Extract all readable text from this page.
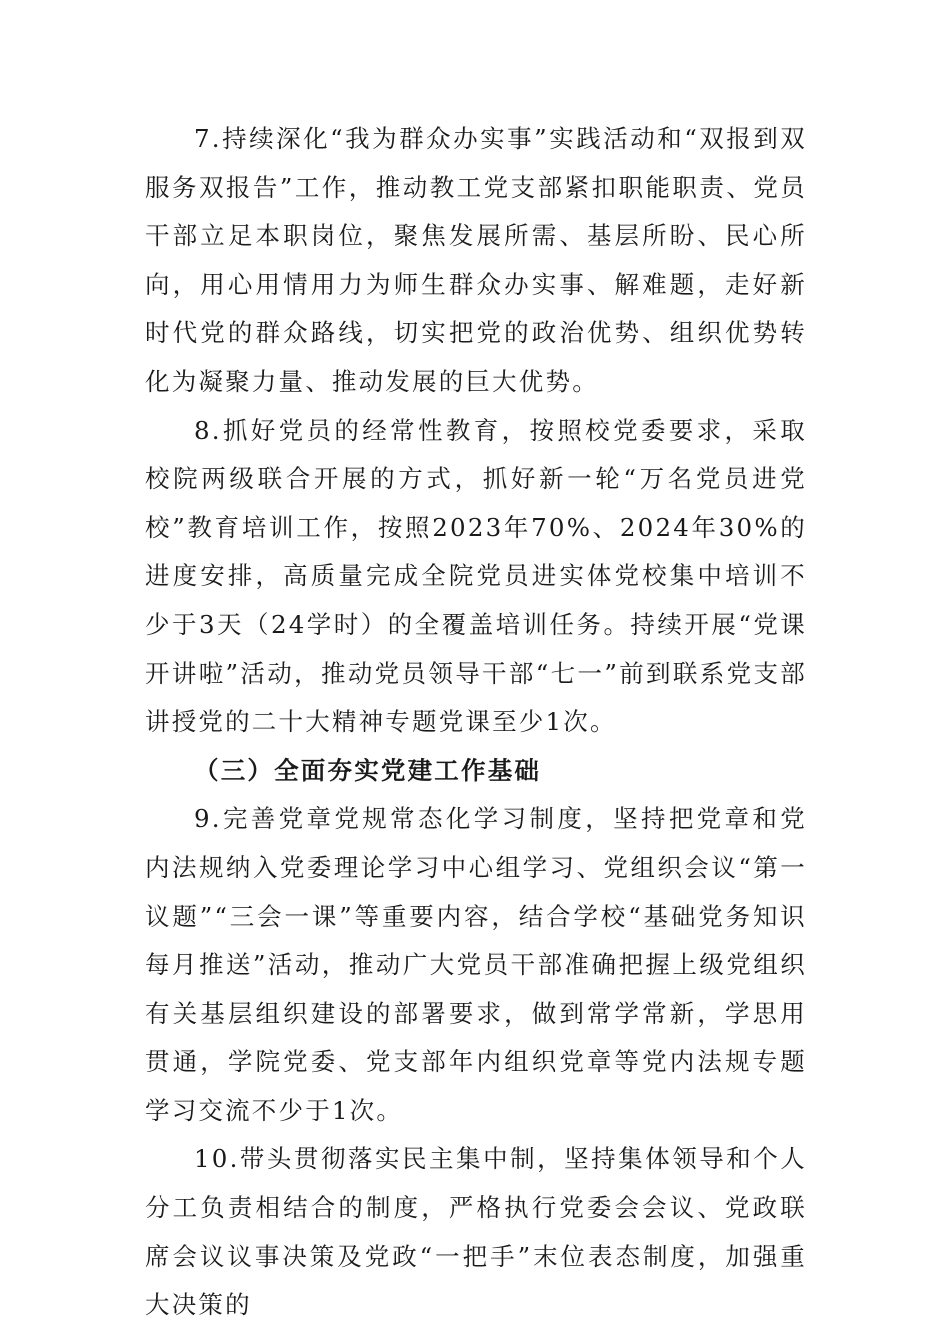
7.持续深化“我为群众办实事”实践活动和“双报到双服务双报告”工作，推动教工党支部紧扣职能职责、党员干部立足本职岗位，聚焦发展所需、基层所盼、民心所向，用心用情用力为师生群众办实事、解难题，走好新时代党的群众路线，切实把党的政治优势、组织优势转化为凝聚力量、推动发展的巨大优势。

8.抓好党员的经常性教育，按照校党委要求，采取校院两级联合开展的方式，抓好新一轮“万名党员进党校”教育培训工作，按照2023年70%、2024年30%的进度安排，高质量完成全院党员进实体党校集中培训不少于3天（24学时）的全覆盖培训任务。持续开展“党课开讲啦”活动，推动党员领导干部“七一”前到联系党支部讲授党的二十大精神专题党课至少1次。

（三）全面夯实党建工作基础

9.完善党章党规常态化学习制度，坚持把党章和党内法规纳入党委理论学习中心组学习、党组织会议“第一议题”“三会一课”等重要内容，结合学校“基础党务知识每月推送”活动，推动广大党员干部准确把握上级党组织有关基层组织建设的部署要求，做到常学常新，学思用贯通，学院党委、党支部年内组织党章等党内法规专题学习交流不少于1次。

10.带头贯彻落实民主集中制，坚持集体领导和个人分工负责相结合的制度，严格执行党委会会议、党政联席会议议事决策及党政“一把手”末位表态制度，加强重大决策的
